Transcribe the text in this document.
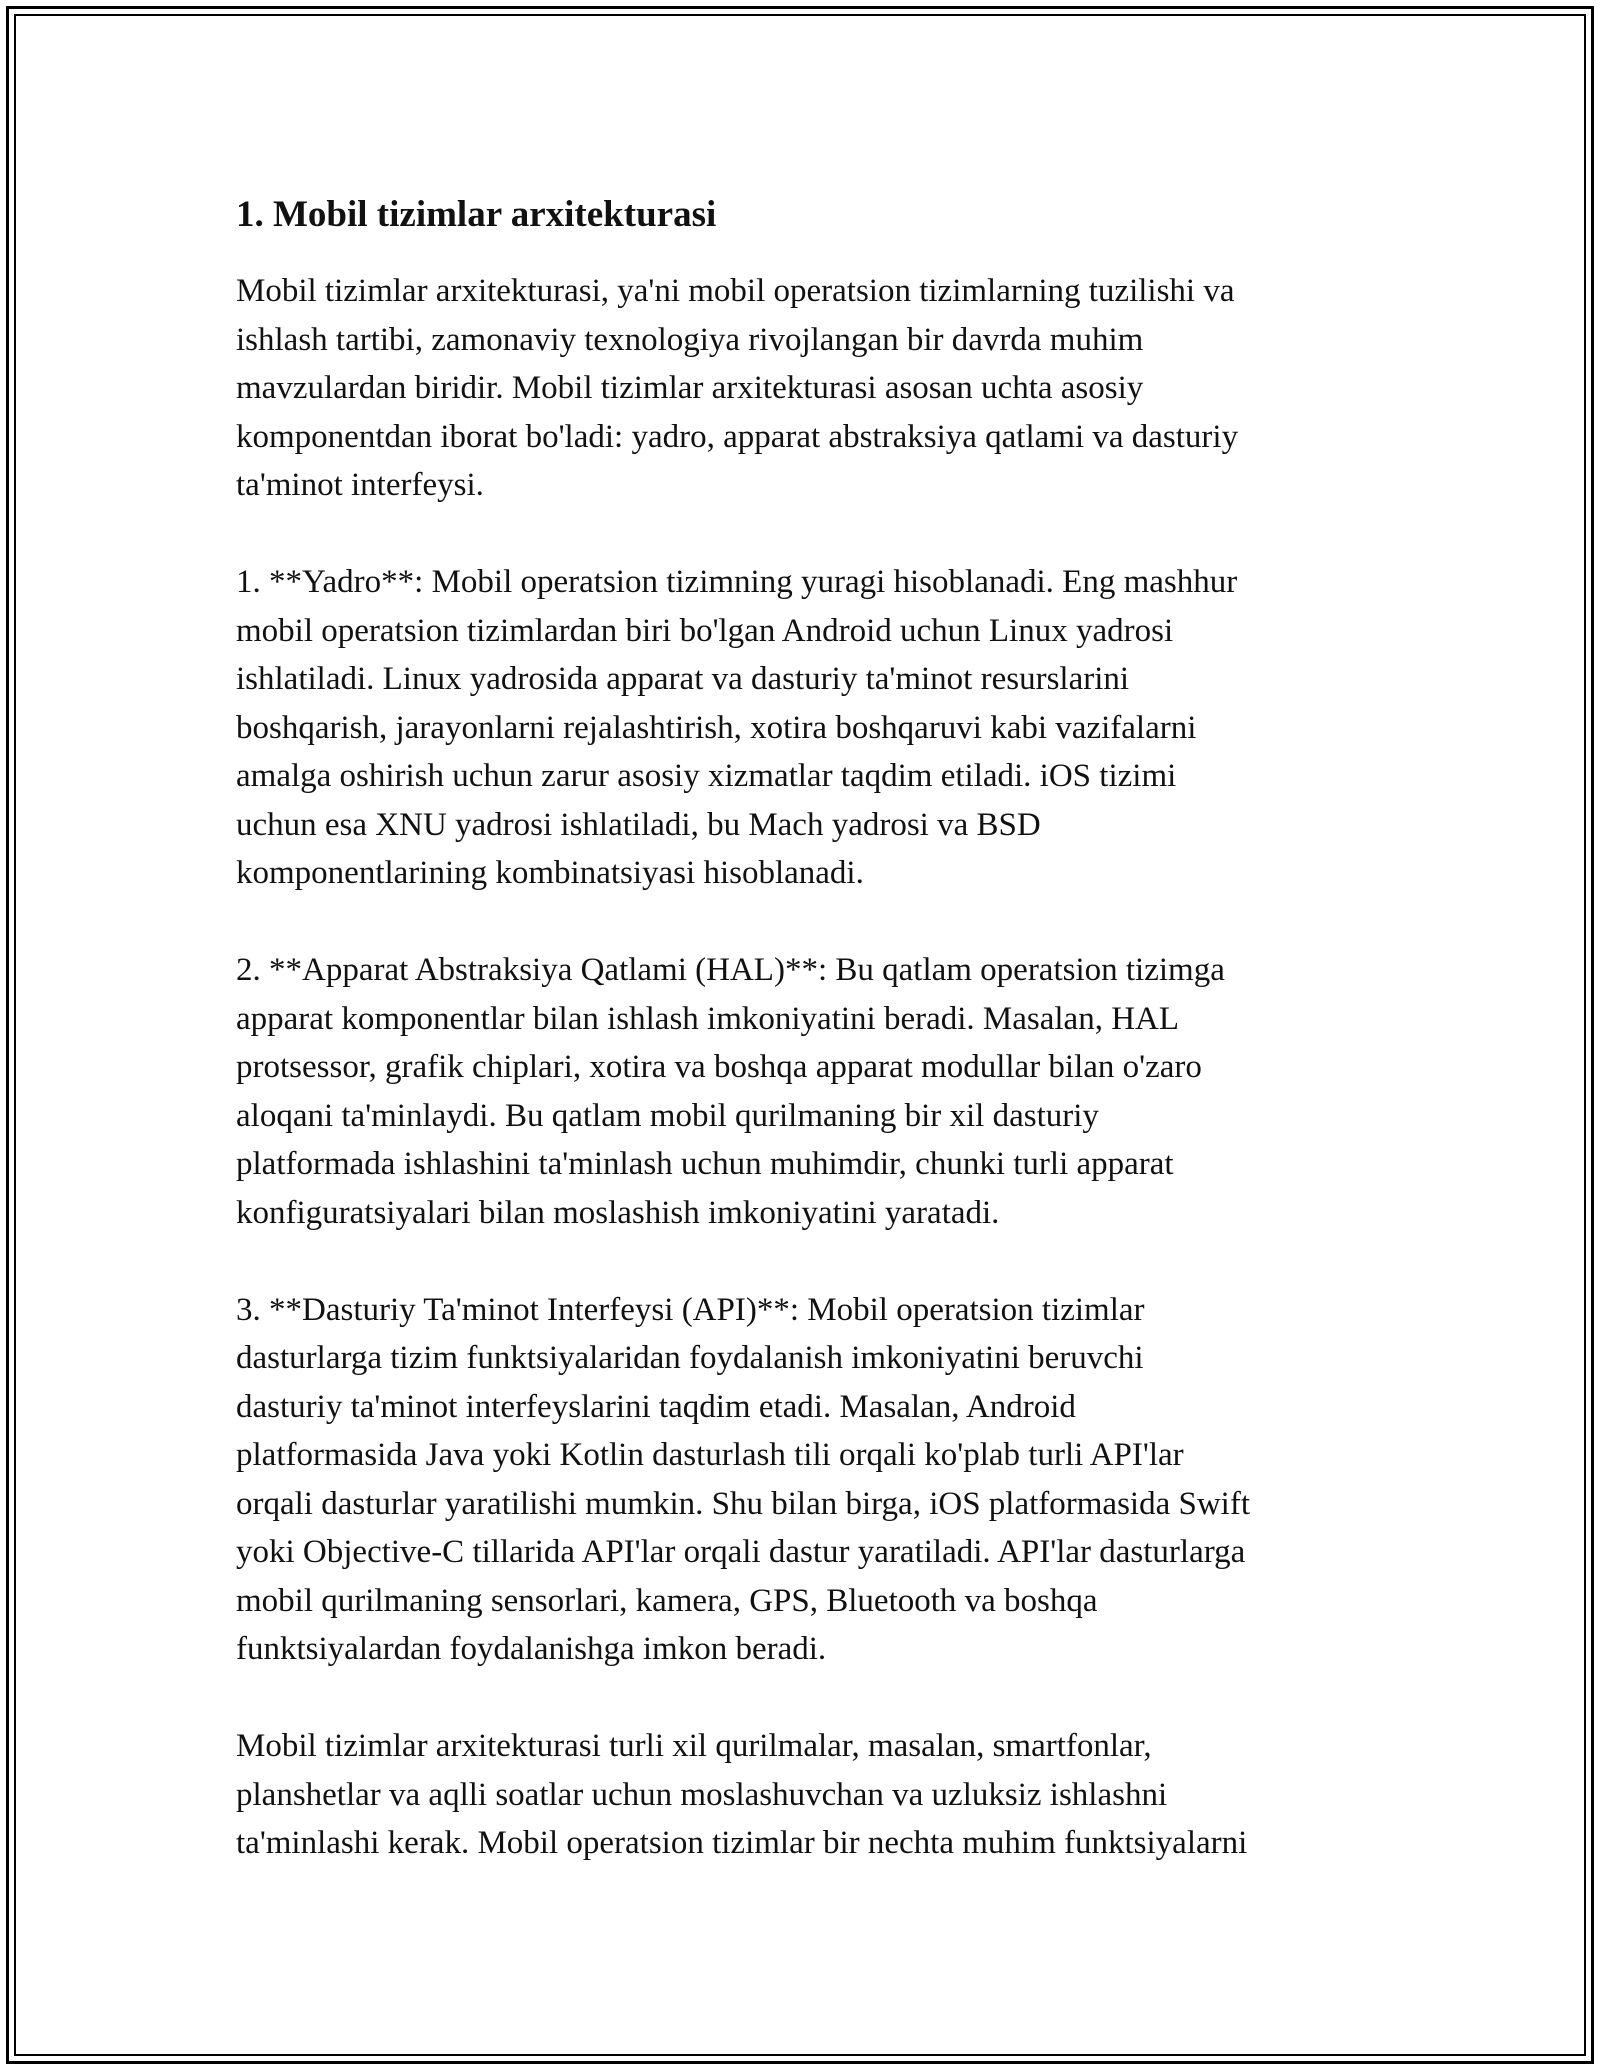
1. Mobil tizimlar arxitekturasi

Mobil tizimlar arxitekturasi, ya'ni mobil operatsion tizimlarning tuzilishi va
ishlash tartibi, zamonaviy texnologiya rivojlangan bir davrda muhim
mavzulardan biridir. Mobil tizimlar arxitekturasi asosan uchta asosiy
komponentdan iborat bo'ladi: yadro, apparat abstraksiya qatlami va dasturiy
ta'minot interfeysi.

1. **Yadro**: Mobil operatsion tizimning yuragi hisoblanadi. Eng mashhur
mobil operatsion tizimlardan biri bo'lgan Android uchun Linux yadrosi
ishlatiladi. Linux yadrosida apparat va dasturiy ta'minot resurslarini
boshqarish, jarayonlarni rejalashtirish, xotira boshqaruvi kabi vazifalarni
amalga oshirish uchun zarur asosiy xizmatlar taqdim etiladi. iOS tizimi
uchun esa XNU yadrosi ishlatiladi, bu Mach yadrosi va BSD
komponentlarining kombinatsiyasi hisoblanadi.

2. **Apparat Abstraksiya Qatlami (HAL)**: Bu qatlam operatsion tizimga
apparat komponentlar bilan ishlash imkoniyatini beradi. Masalan, HAL
protsessor, grafik chiplari, xotira va boshqa apparat modullar bilan o'zaro
aloqani ta'minlaydi. Bu qatlam mobil qurilmaning bir xil dasturiy
platformada ishlashini ta'minlash uchun muhimdir, chunki turli apparat
konfiguratsiyalari bilan moslashish imkoniyatini yaratadi.

3. **Dasturiy Ta'minot Interfeysi (API)**: Mobil operatsion tizimlar
dasturlarga tizim funktsiyalaridan foydalanish imkoniyatini beruvchi
dasturiy ta'minot interfeyslarini taqdim etadi. Masalan, Android
platformasida Java yoki Kotlin dasturlash tili orqali ko'plab turli API'lar
orqali dasturlar yaratilishi mumkin. Shu bilan birga, iOS platformasida Swift
yoki Objective-C tillarida API'lar orqali dastur yaratiladi. API'lar dasturlarga
mobil qurilmaning sensorlari, kamera, GPS, Bluetooth va boshqa
funktsiyalardan foydalanishga imkon beradi.

Mobil tizimlar arxitekturasi turli xil qurilmalar, masalan, smartfonlar,
planshetlar va aqlli soatlar uchun moslashuvchan va uzluksiz ishlashni
ta'minlashi kerak. Mobil operatsion tizimlar bir nechta muhim funktsiyalarni
